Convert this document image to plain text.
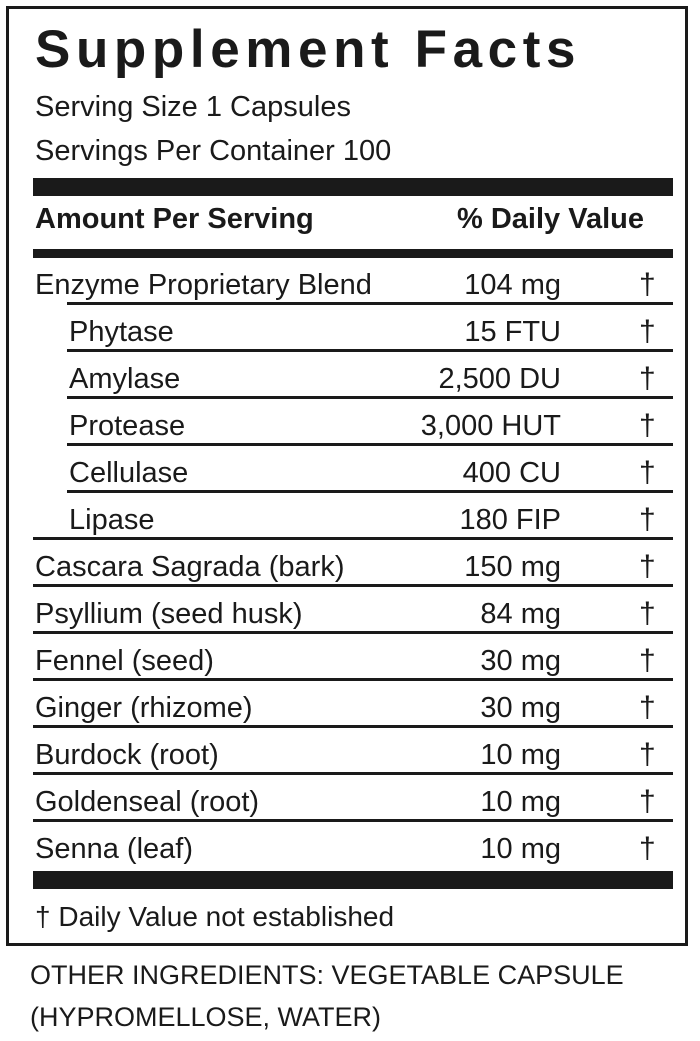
Supplement Facts
Serving Size 1 Capsules
Servings Per Container 100
Amount Per Serving	% Daily Value
Enzyme Proprietary Blend	104 mg	†
Phytase	15 FTU	†
Amylase	2,500 DU	†
Protease	3,000 HUT	†
Cellulase	400 CU	†
Lipase	180 FIP	†
Cascara Sagrada (bark)	150 mg	†
Psyllium (seed husk)	84 mg	†
Fennel (seed)	30 mg	†
Ginger (rhizome)	30 mg	†
Burdock (root)	10 mg	†
Goldenseal (root)	10 mg	†
Senna (leaf)	10 mg	†
† Daily Value not established
OTHER INGREDIENTS: VEGETABLE CAPSULE
(HYPROMELLOSE, WATER)
